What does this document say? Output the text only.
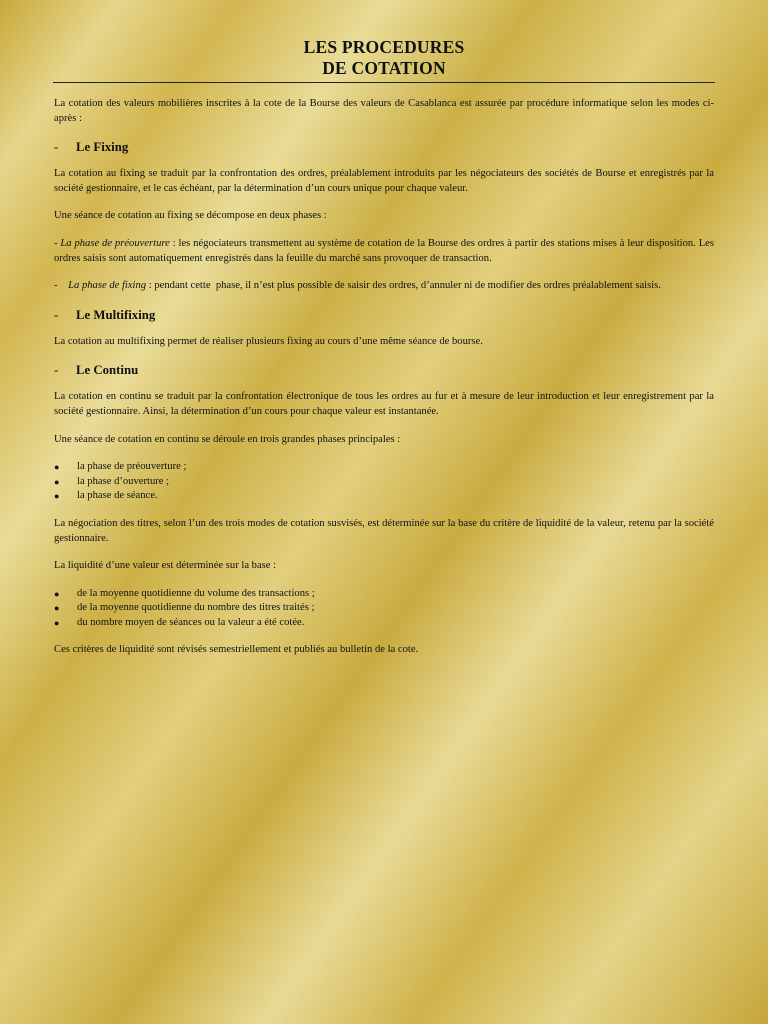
LES PROCEDURES
DE COTATION

La cotation des valeurs mobilières inscrites à la cote de la Bourse des valeurs de Casablanca est assurée par procédure informatique selon les modes ci-après :

- Le Fixing

La cotation au fixing se traduit par la confrontation des ordres, préalablement introduits par les négociateurs des sociétés de Bourse et enregistrés par la société gestionnaire, et le cas échéant, par la détermination d’un cours unique pour chaque valeur.

Une séance de cotation au fixing se décompose en deux phases :

- La phase de préouverture : les négociateurs transmettent au système de cotation de la Bourse des ordres à partir des stations mises à leur disposition. Les ordres saisis sont automatiquement enregistrés dans la feuille du marché sans provoquer de transaction.

-    La phase de fixing : pendant cette  phase, il n’est plus possible de saisir des ordres, d’annuler ni de modifier des ordres préalablement saisis.

- Le Multifixing

La cotation au multifixing permet de réaliser plusieurs fixing au cours d’une même séance de bourse.

- Le Continu

La cotation en continu se traduit par la confrontation électronique de tous les ordres au fur et à mesure de leur introduction et leur enregistrement par la société gestionnaire. Ainsi, la détermination d’un cours pour chaque valeur est instantanée.

Une séance de cotation en continu se déroule en trois grandes phases principales :

● la phase de préouverture ;
● la phase d’ouverture ;
● la phase de séance.

La négociation des titres, selon l’un des trois modes de cotation susvisés, est déterminée sur la base du critère de liquidité de la valeur, retenu par la société gestionnaire.

La liquidité d’une valeur est déterminée sur la base :

● de la moyenne quotidienne du volume des transactions ;
● de la moyenne quotidienne du nombre des titres traités ;
● du nombre moyen de séances ou la valeur a été cotée.

Ces critères de liquidité sont révisés semestriellement et publiés au bulletin de la cote.
